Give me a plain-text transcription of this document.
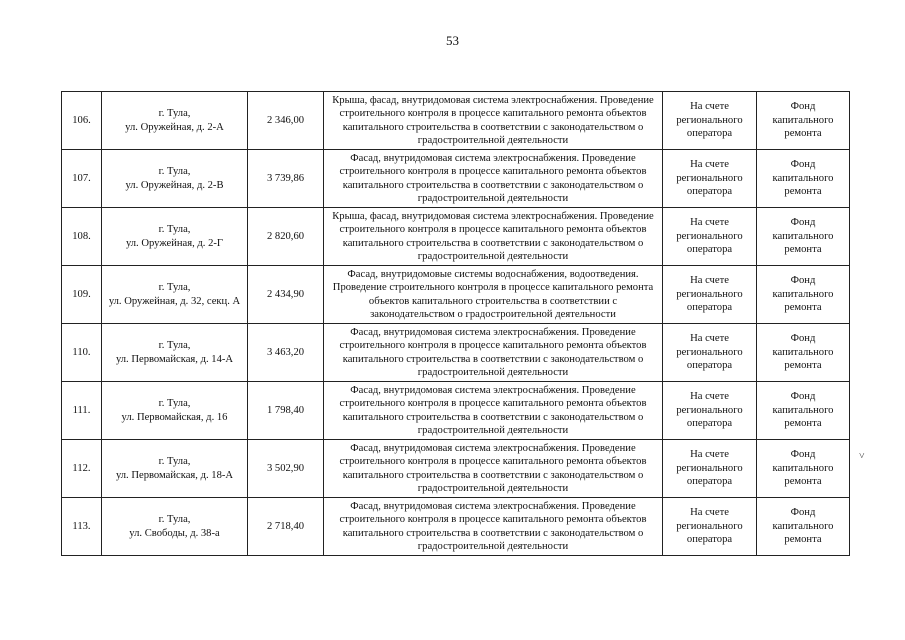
53
106.	г. Тула,
ул. Оружейная, д. 2-А	2 346,00	Крыша, фасад, внутридомовая система электроснабжения. Проведение строительного контроля в процессе капитального ремонта объектов капитального строительства в соответствии с законодательством о градостроительной деятельности	На счете регионального оператора	Фонд капитального ремонта
107.	г. Тула,
ул. Оружейная, д. 2-В	3 739,86	Фасад, внутридомовая система электроснабжения. Проведение строительного контроля в процессе капитального ремонта объектов капитального строительства в соответствии с законодательством о градостроительной деятельности	На счете регионального оператора	Фонд капитального ремонта
108.	г. Тула,
ул. Оружейная, д. 2-Г	2 820,60	Крыша, фасад, внутридомовая система электроснабжения. Проведение строительного контроля в процессе капитального ремонта объектов капитального строительства в соответствии с законодательством о градостроительной деятельности	На счете регионального оператора	Фонд капитального ремонта
109.	г. Тула,
ул. Оружейная, д. 32, секц. А	2 434,90	Фасад, внутридомовые системы водоснабжения, водоотведения. Проведение строительного контроля в процессе капитального ремонта объектов капитального строительства в соответствии с законодательством о градостроительной деятельности	На счете регионального оператора	Фонд капитального ремонта
110.	г. Тула,
ул. Первомайская, д. 14-А	3 463,20	Фасад, внутридомовая система электроснабжения. Проведение строительного контроля в процессе капитального ремонта объектов капитального строительства в соответствии с законодательством о градостроительной деятельности	На счете регионального оператора	Фонд капитального ремонта
111.	г. Тула,
ул. Первомайская, д. 16	1 798,40	Фасад, внутридомовая система электроснабжения. Проведение строительного контроля в процессе капитального ремонта объектов капитального строительства в соответствии с законодательством о градостроительной деятельности	На счете регионального оператора	Фонд капитального ремонта
112.	г. Тула,
ул. Первомайская, д. 18-А	3 502,90	Фасад, внутридомовая система электроснабжения. Проведение строительного контроля в процессе капитального ремонта объектов капитального строительства в соответствии с законодательством о градостроительной деятельности	На счете регионального оператора	Фонд капитального ремонта
113.	г. Тула,
ул. Свободы, д. 38-а	2 718,40	Фасад, внутридомовая система электроснабжения. Проведение строительного контроля в процессе капитального ремонта объектов капитального строительства в соответствии с законодательством о градостроительной деятельности	На счете регионального оператора	Фонд капитального ремонта
˅
